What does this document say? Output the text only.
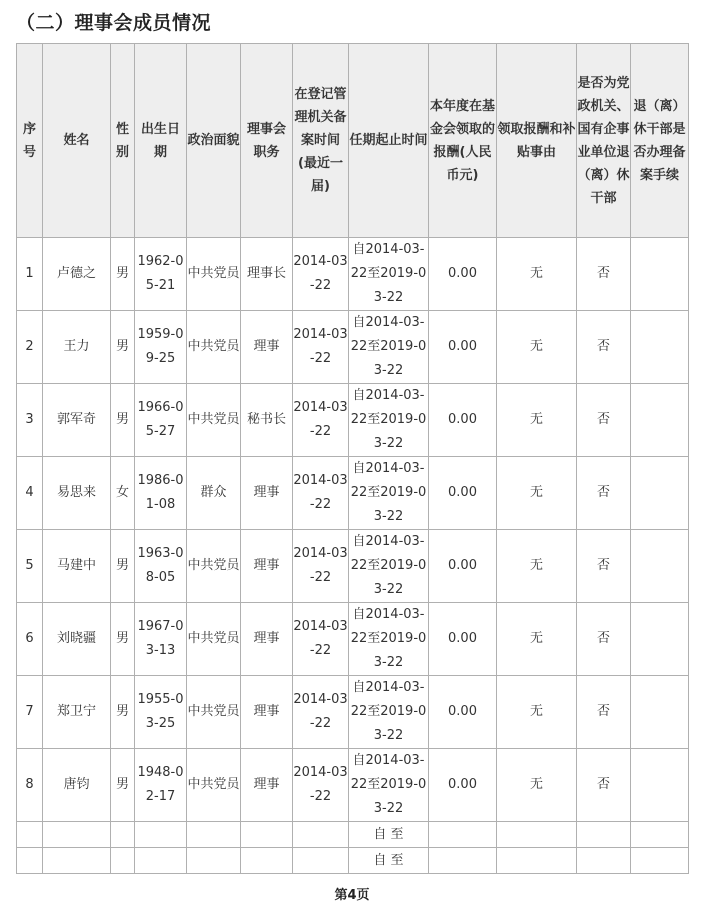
（二）理事会成员情况
序号	姓名	性别	出生日期	政治面貌	理事会职务	在登记管理机关备案时间(最近一届)	任期起止时间	本年度在基金会领取的报酬(人民币元)	领取报酬和补贴事由	是否为党政机关、国有企事业单位退（离）休干部	退（离）休干部是否办理备案手续
1	卢德之	男	1962-05-21	中共党员	理事长	2014-03-22	自2014-03-22至2019-03-22	0.00	无	否	
2	王力	男	1959-09-25	中共党员	理事	2014-03-22	自2014-03-22至2019-03-22	0.00	无	否	
3	郭军奇	男	1966-05-27	中共党员	秘书长	2014-03-22	自2014-03-22至2019-03-22	0.00	无	否	
4	易思来	女	1986-01-08	群众	理事	2014-03-22	自2014-03-22至2019-03-22	0.00	无	否	
5	马建中	男	1963-08-05	中共党员	理事	2014-03-22	自2014-03-22至2019-03-22	0.00	无	否	
6	刘晓疆	男	1967-03-13	中共党员	理事	2014-03-22	自2014-03-22至2019-03-22	0.00	无	否	
7	郑卫宁	男	1955-03-25	中共党员	理事	2014-03-22	自2014-03-22至2019-03-22	0.00	无	否	
8	唐钧	男	1948-02-17	中共党员	理事	2014-03-22	自2014-03-22至2019-03-22	0.00	无	否	
							自 至				
							自 至				
第4页
